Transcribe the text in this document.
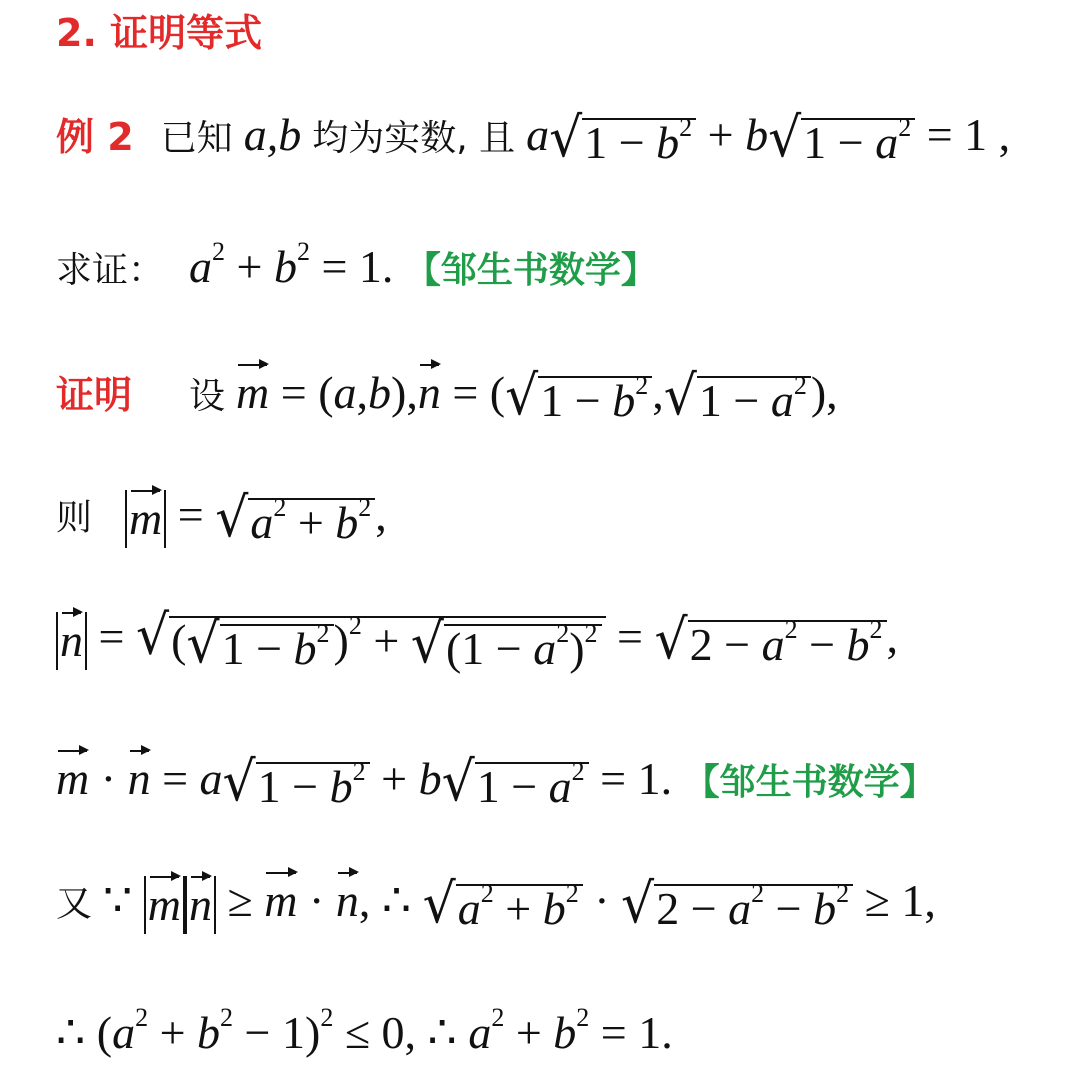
2. 证明等式
例 2 已知 a,b 均为实数, 且 a √ $1 - b^2 + b$ √ $1 - a^2 = 1$ ,
求证： $a^2 + b^2 = 1$. 【邹生书数学】
证明 设 m = (a,b),n = ( √ $1 - b^2$ , √ $1 - a^2$ ),
则 m = √ $a^2 + b^2$ ,
n = √ ( √ $1 - b^2$ )$^2$ + √ $(1 - a^2)^2$ = √ $2 - a^2 - b^2$ ,
m · n = a √ $1 - b^2 + b$ √ $1 - a^2 = 1$. 【邹生书数学】
又 ∵ m n ≥ m · n, ∴ √ $a^2 + b^2$ · √ $2 - a^2 - b^2 \ge 1$,
∴ $(a^2 + b^2 - 1)^2 \le 0$, ∴ $a^2 + b^2 = 1$.
